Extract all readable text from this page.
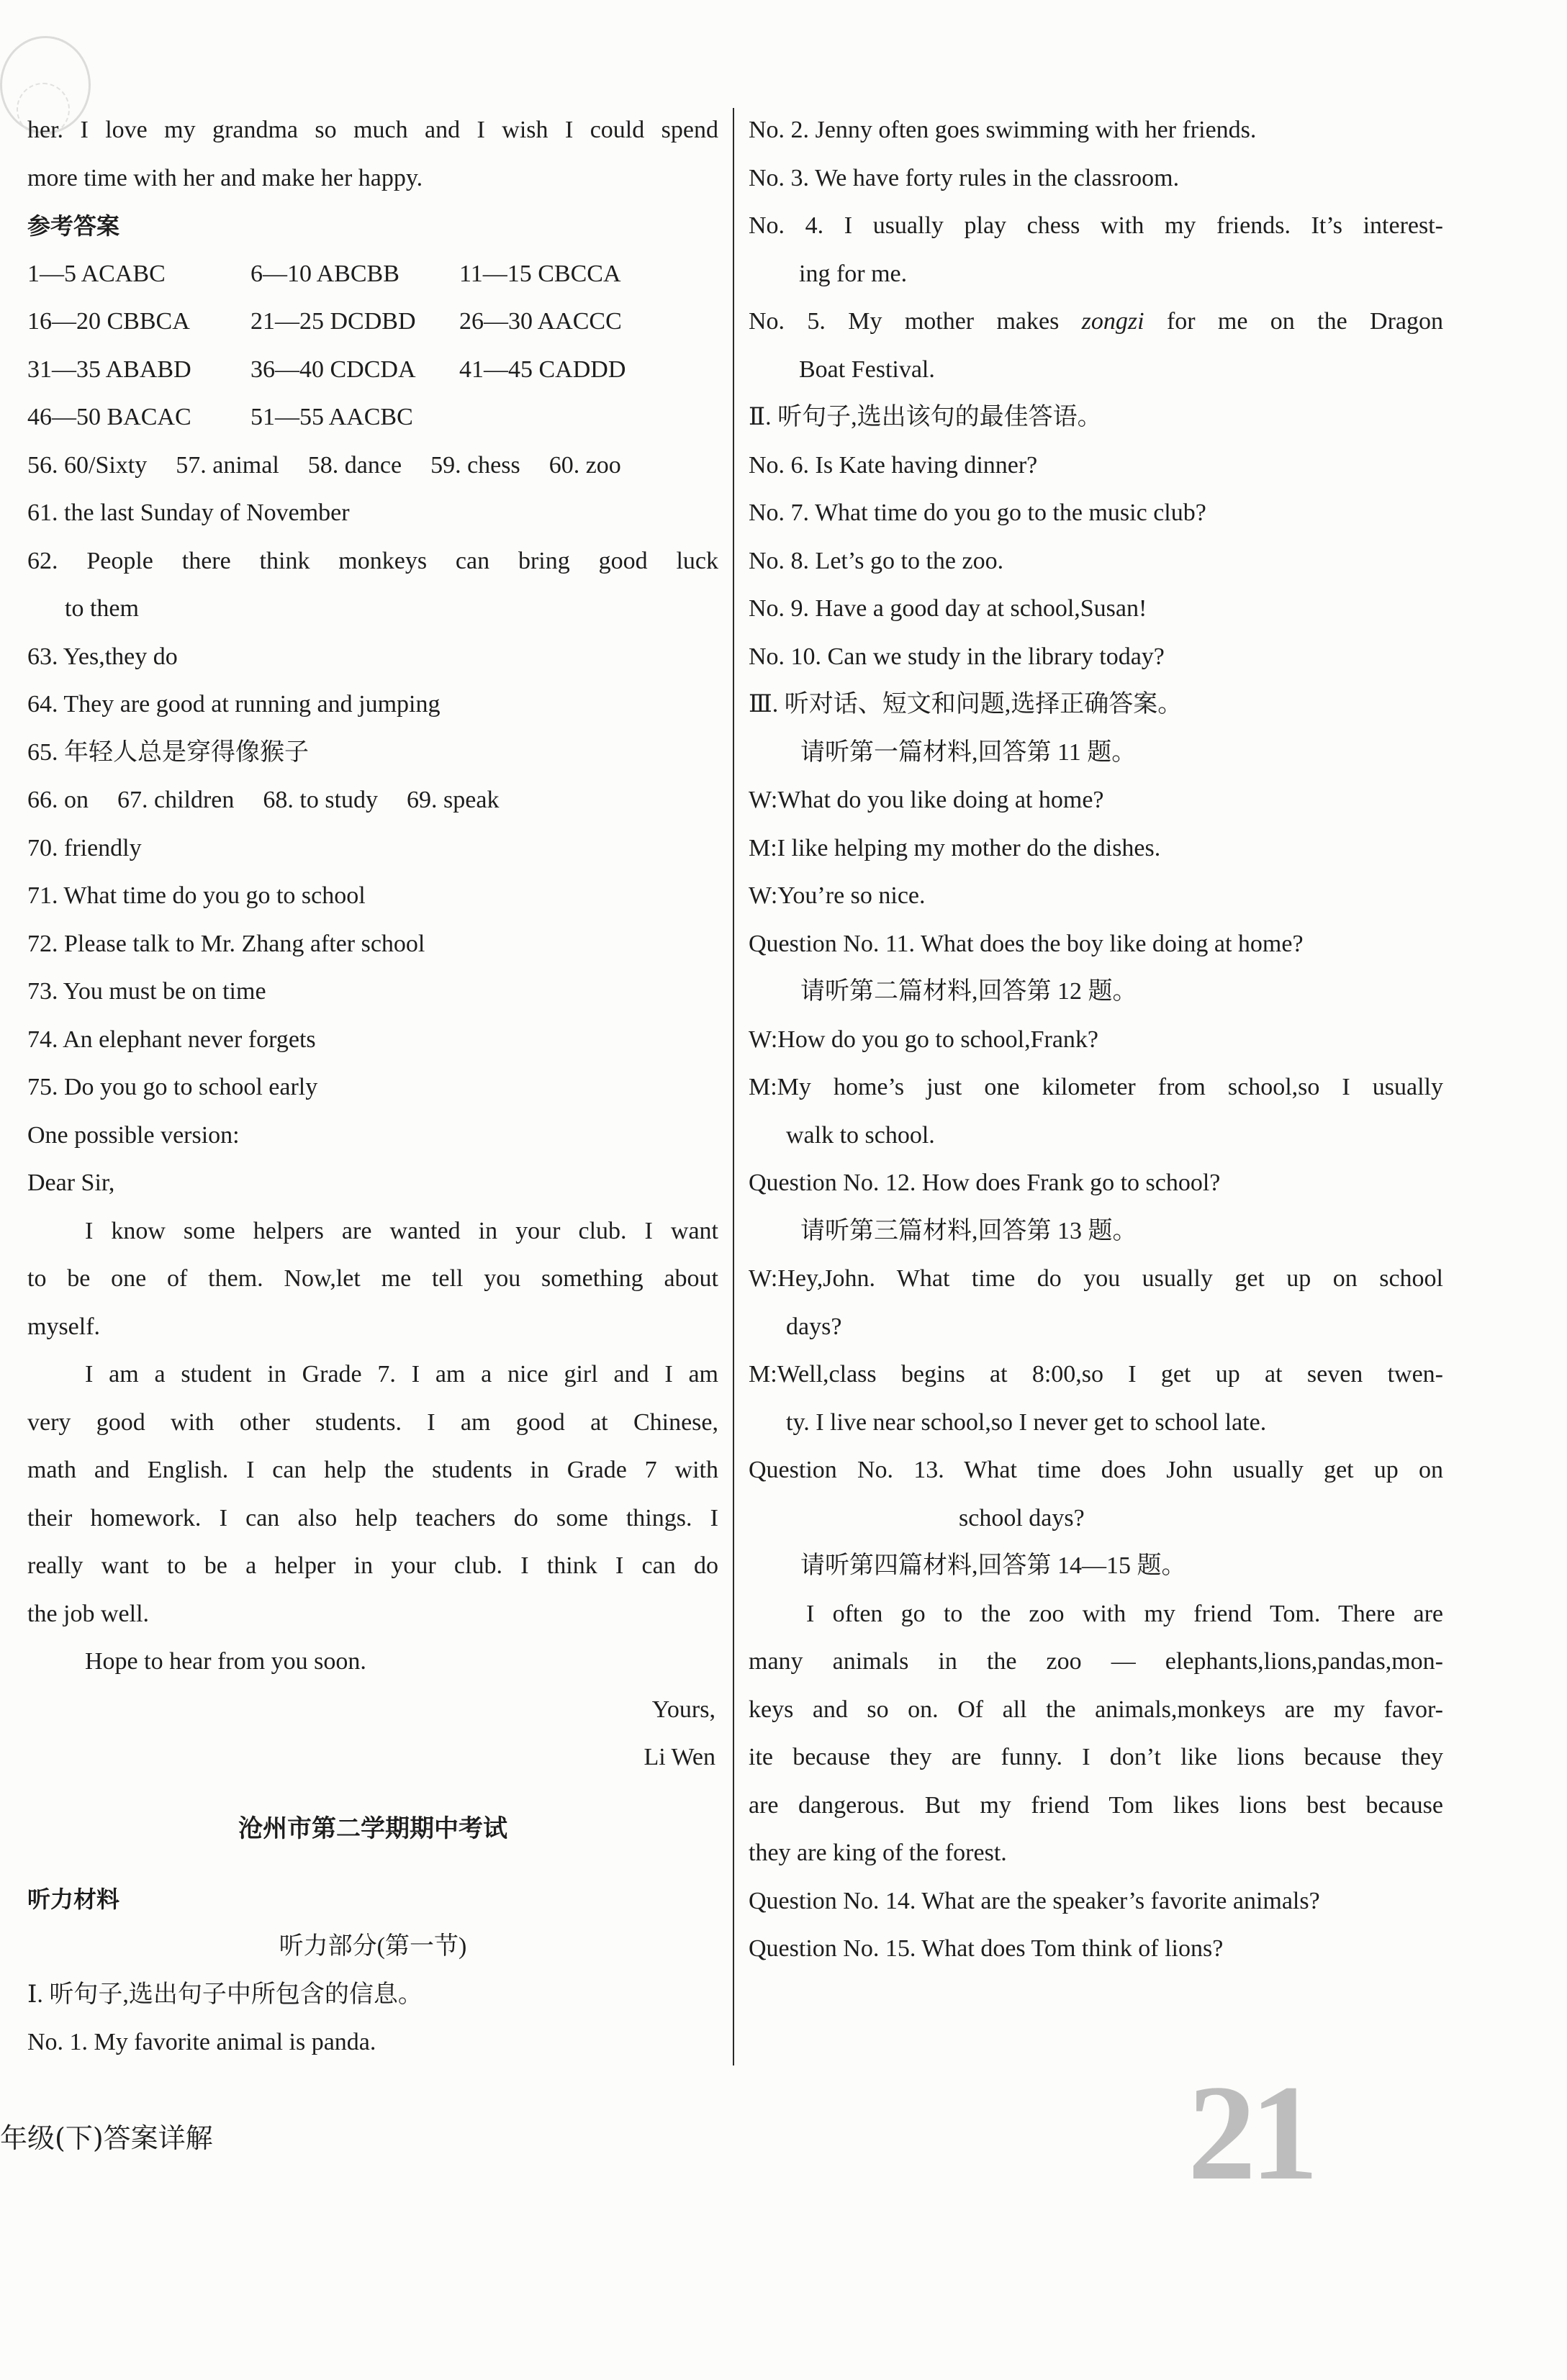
her. I love my grandma so much and I wish I could spend
more time with her and make her happy.
参考答案
1—5 ACABC	6—10 ABCBB 11—15 CBCCA
16—20 CBBCA 21—25 DCDBD 26—30 AACCC
31—35 ABABD 36—40 CDCDA 41—45 CADDD
46—50 BACAC 51—55 AACBC
56. 60/Sixty 57. animal 58. dance 59. chess 60. zoo
61. the last Sunday of November
62. People there think monkeys can bring good luck
to them
63. Yes,they do
64. They are good at running and jumping
65. 年轻人总是穿得像猴子
66. on 67. children 68. to study 69. speak
70. friendly
71. What time do you go to school
72. Please talk to Mr. Zhang after school
73. You must be on time
74. An elephant never forgets
75. Do you go to school early
One possible version:
Dear Sir,
I know some helpers are wanted in your club. I want
to be one of them. Now,let me tell you something about
myself.
I am a student in Grade 7. I am a nice girl and I am
very good with other students. I am good at Chinese,
math and English. I can help the students in Grade 7 with
their homework. I can also help teachers do some things. I
really want to be a helper in your club. I think I can do
the job well.
Hope to hear from you soon.
Yours,
Li Wen
沧州市第二学期期中考试
听力材料
听力部分(第一节)
Ⅰ. 听句子,选出句子中所包含的信息。
No. 1. My favorite animal is panda.
No. 2. Jenny often goes swimming with her friends.
No. 3. We have forty rules in the classroom.
No. 4. I usually play chess with my friends. It’s interest-
ing for me.
No. 5. My mother makes zongzi for me on the Dragon
Boat Festival.
Ⅱ. 听句子,选出该句的最佳答语。
No. 6. Is Kate having dinner?
No. 7. What time do you go to the music club?
No. 8. Let’s go to the zoo.
No. 9. Have a good day at school,Susan!
No. 10. Can we study in the library today?
Ⅲ. 听对话、短文和问题,选择正确答案。
请听第一篇材料,回答第 11 题。
W:What do you like doing at home?
M:I like helping my mother do the dishes.
W:You’re so nice.
Question No. 11. What does the boy like doing at home?
请听第二篇材料,回答第 12 题。
W:How do you go to school,Frank?
M:My home’s just one kilometer from school,so I usually
walk to school.
Question No. 12. How does Frank go to school?
请听第三篇材料,回答第 13 题。
W:Hey,John. What time do you usually get up on school
days?
M:Well,class begins at 8:00,so I get up at seven twen-
ty. I live near school,so I never get to school late.
Question No. 13. What time does John usually get up on
school days?
请听第四篇材料,回答第 14—15 题。
I often go to the zoo with my friend Tom. There are
many animals in the zoo — elephants,lions,pandas,mon-
keys and so on. Of all the animals,monkeys are my favor-
ite because they are funny. I don’t like lions because they
are dangerous. But my friend Tom likes lions best because
they are king of the forest.
Question No. 14. What are the speaker’s favorite animals?
Question No. 15. What does Tom think of lions?
年级(下)答案详解	21
